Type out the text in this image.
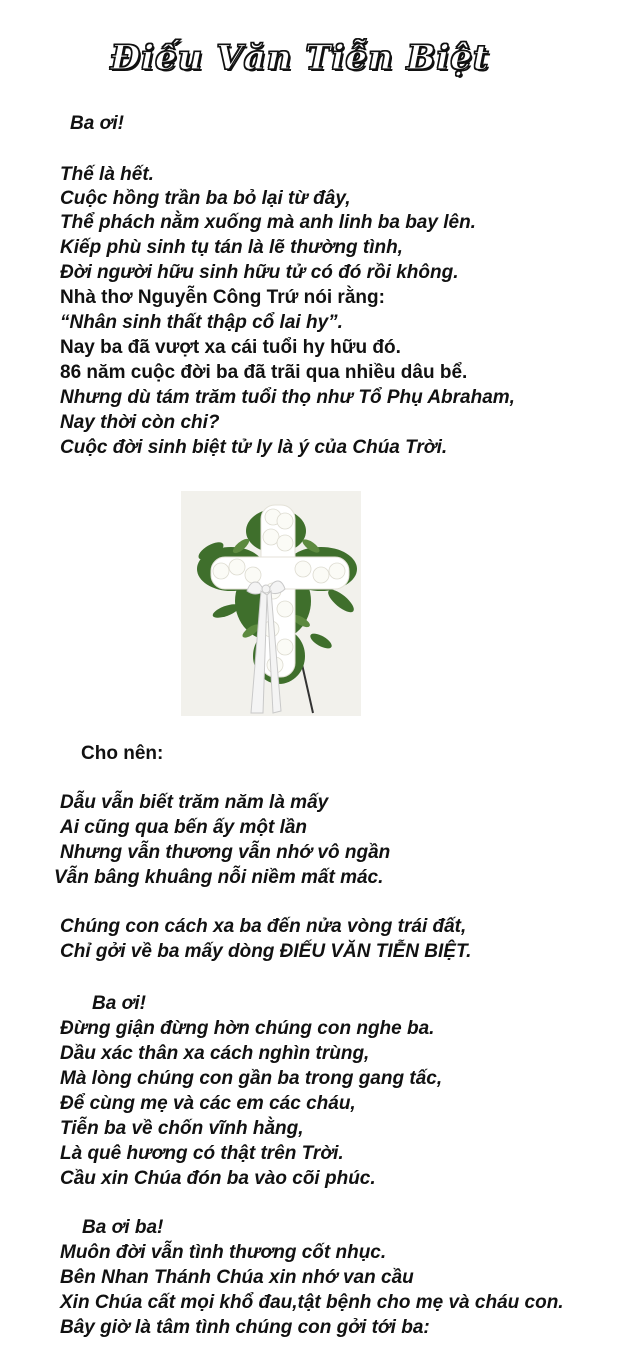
Điếu Văn Tiễn Biệt
Ba ơi!
Thế là hết.
Cuộc hồng trần ba bỏ lại từ đây,
Thể phách nằm xuống mà anh linh ba bay lên.
Kiếp phù sinh tụ tán là lẽ thường tình,
Đời người hữu sinh hữu tử có đó rồi không.
Nhà thơ Nguyễn Công Trứ nói rằng:
“Nhân sinh thất thập cổ lai hy”.
Nay ba đã vượt xa cái tuổi hy hữu đó.
86 năm cuộc đời ba đã trãi qua nhiều dâu bể.
Nhưng dù tám trăm tuổi thọ như Tổ Phụ Abraham,
Nay thời còn chi?
Cuộc đời sinh biệt tử ly là ý của Chúa Trời.
Cho nên:
Dẫu vẫn biết trăm năm là mấy
Ai cũng qua bến ấy một lần
Nhưng vẫn thương vẫn nhớ vô ngần
Vẫn bâng khuâng nỗi niềm mất mác.
Chúng con cách xa ba đến nửa vòng trái đất,
Chỉ gởi về ba mấy dòng ĐIẾU VĂN TIỄN BIỆT.
Ba ơi!
Đừng giận đừng hờn chúng con nghe ba.
Dầu xác thân xa cách nghìn trùng,
Mà lòng chúng con gần ba trong gang tấc,
Để cùng mẹ và các em các cháu,
Tiễn ba về chốn vĩnh hằng,
Là quê hương có thật trên Trời.
Cầu xin Chúa đón ba vào cõi phúc.
Ba ơi ba!
Muôn đời vẫn tình thương cốt nhục.
Bên Nhan Thánh Chúa xin nhớ van cầu
Xin Chúa cất mọi khổ đau,tật bệnh cho mẹ và cháu con.
Bây giờ là tâm tình chúng con gởi tới ba:
